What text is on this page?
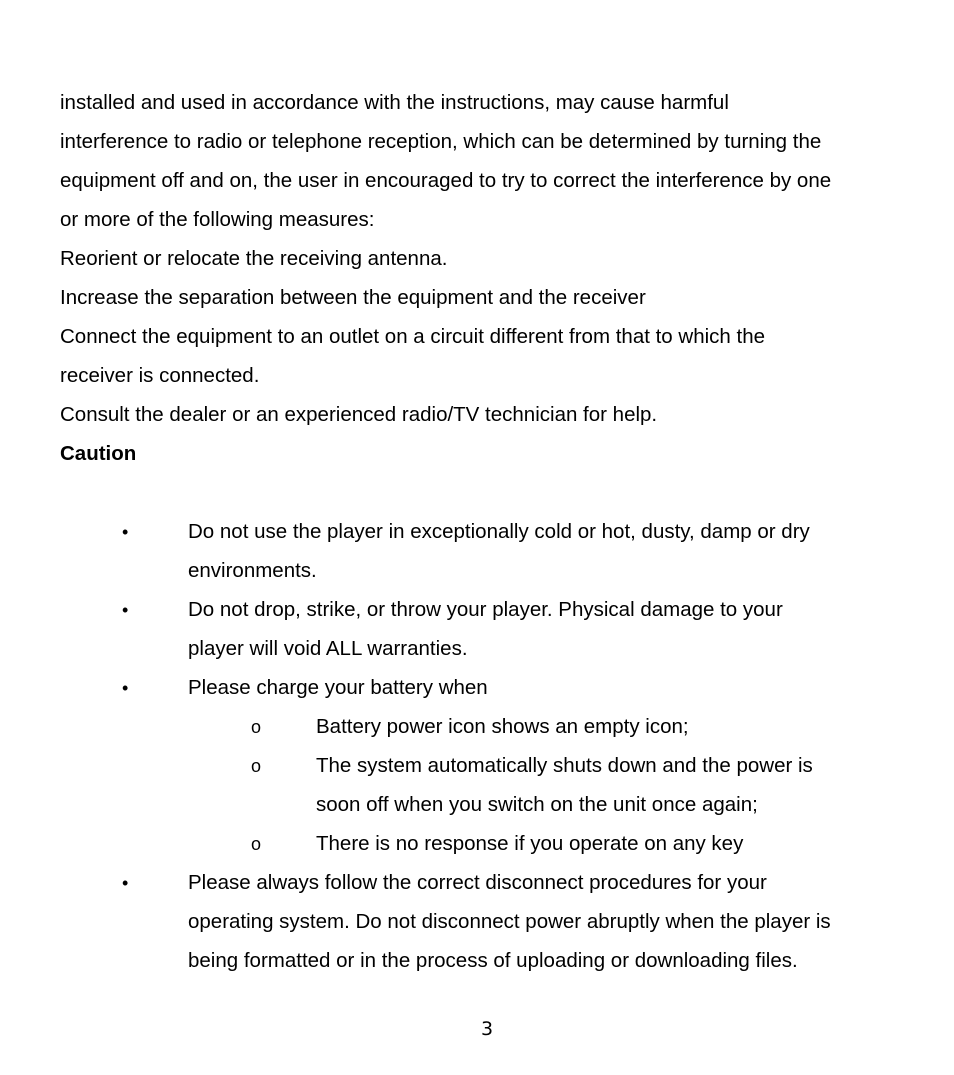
installed and used in accordance with the instructions, may cause harmful
interference to radio or telephone reception, which can be determined by turning the
equipment off and on, the user in encouraged to try to correct the interference by one
or more of the following measures:
Reorient or relocate the receiving antenna.
Increase the separation between the equipment and the receiver
Connect the equipment to an outlet on a circuit different from that to which the
receiver is connected.
Consult the dealer or an experienced radio/TV technician for help.
Caution
•	Do not use the player in exceptionally cold or hot, dusty, damp or dry
environments.
•	Do not drop, strike, or throw your player. Physical damage to your
player will void ALL warranties.
•	Please charge your battery when
o	Battery power icon shows an empty icon;
o	The system automatically shuts down and the power is
soon off when you switch on the unit once again;
o	There is no response if you operate on any key
•	Please always follow the correct disconnect procedures for your
operating system. Do not disconnect power abruptly when the player is
being formatted or in the process of uploading or downloading files.
3
